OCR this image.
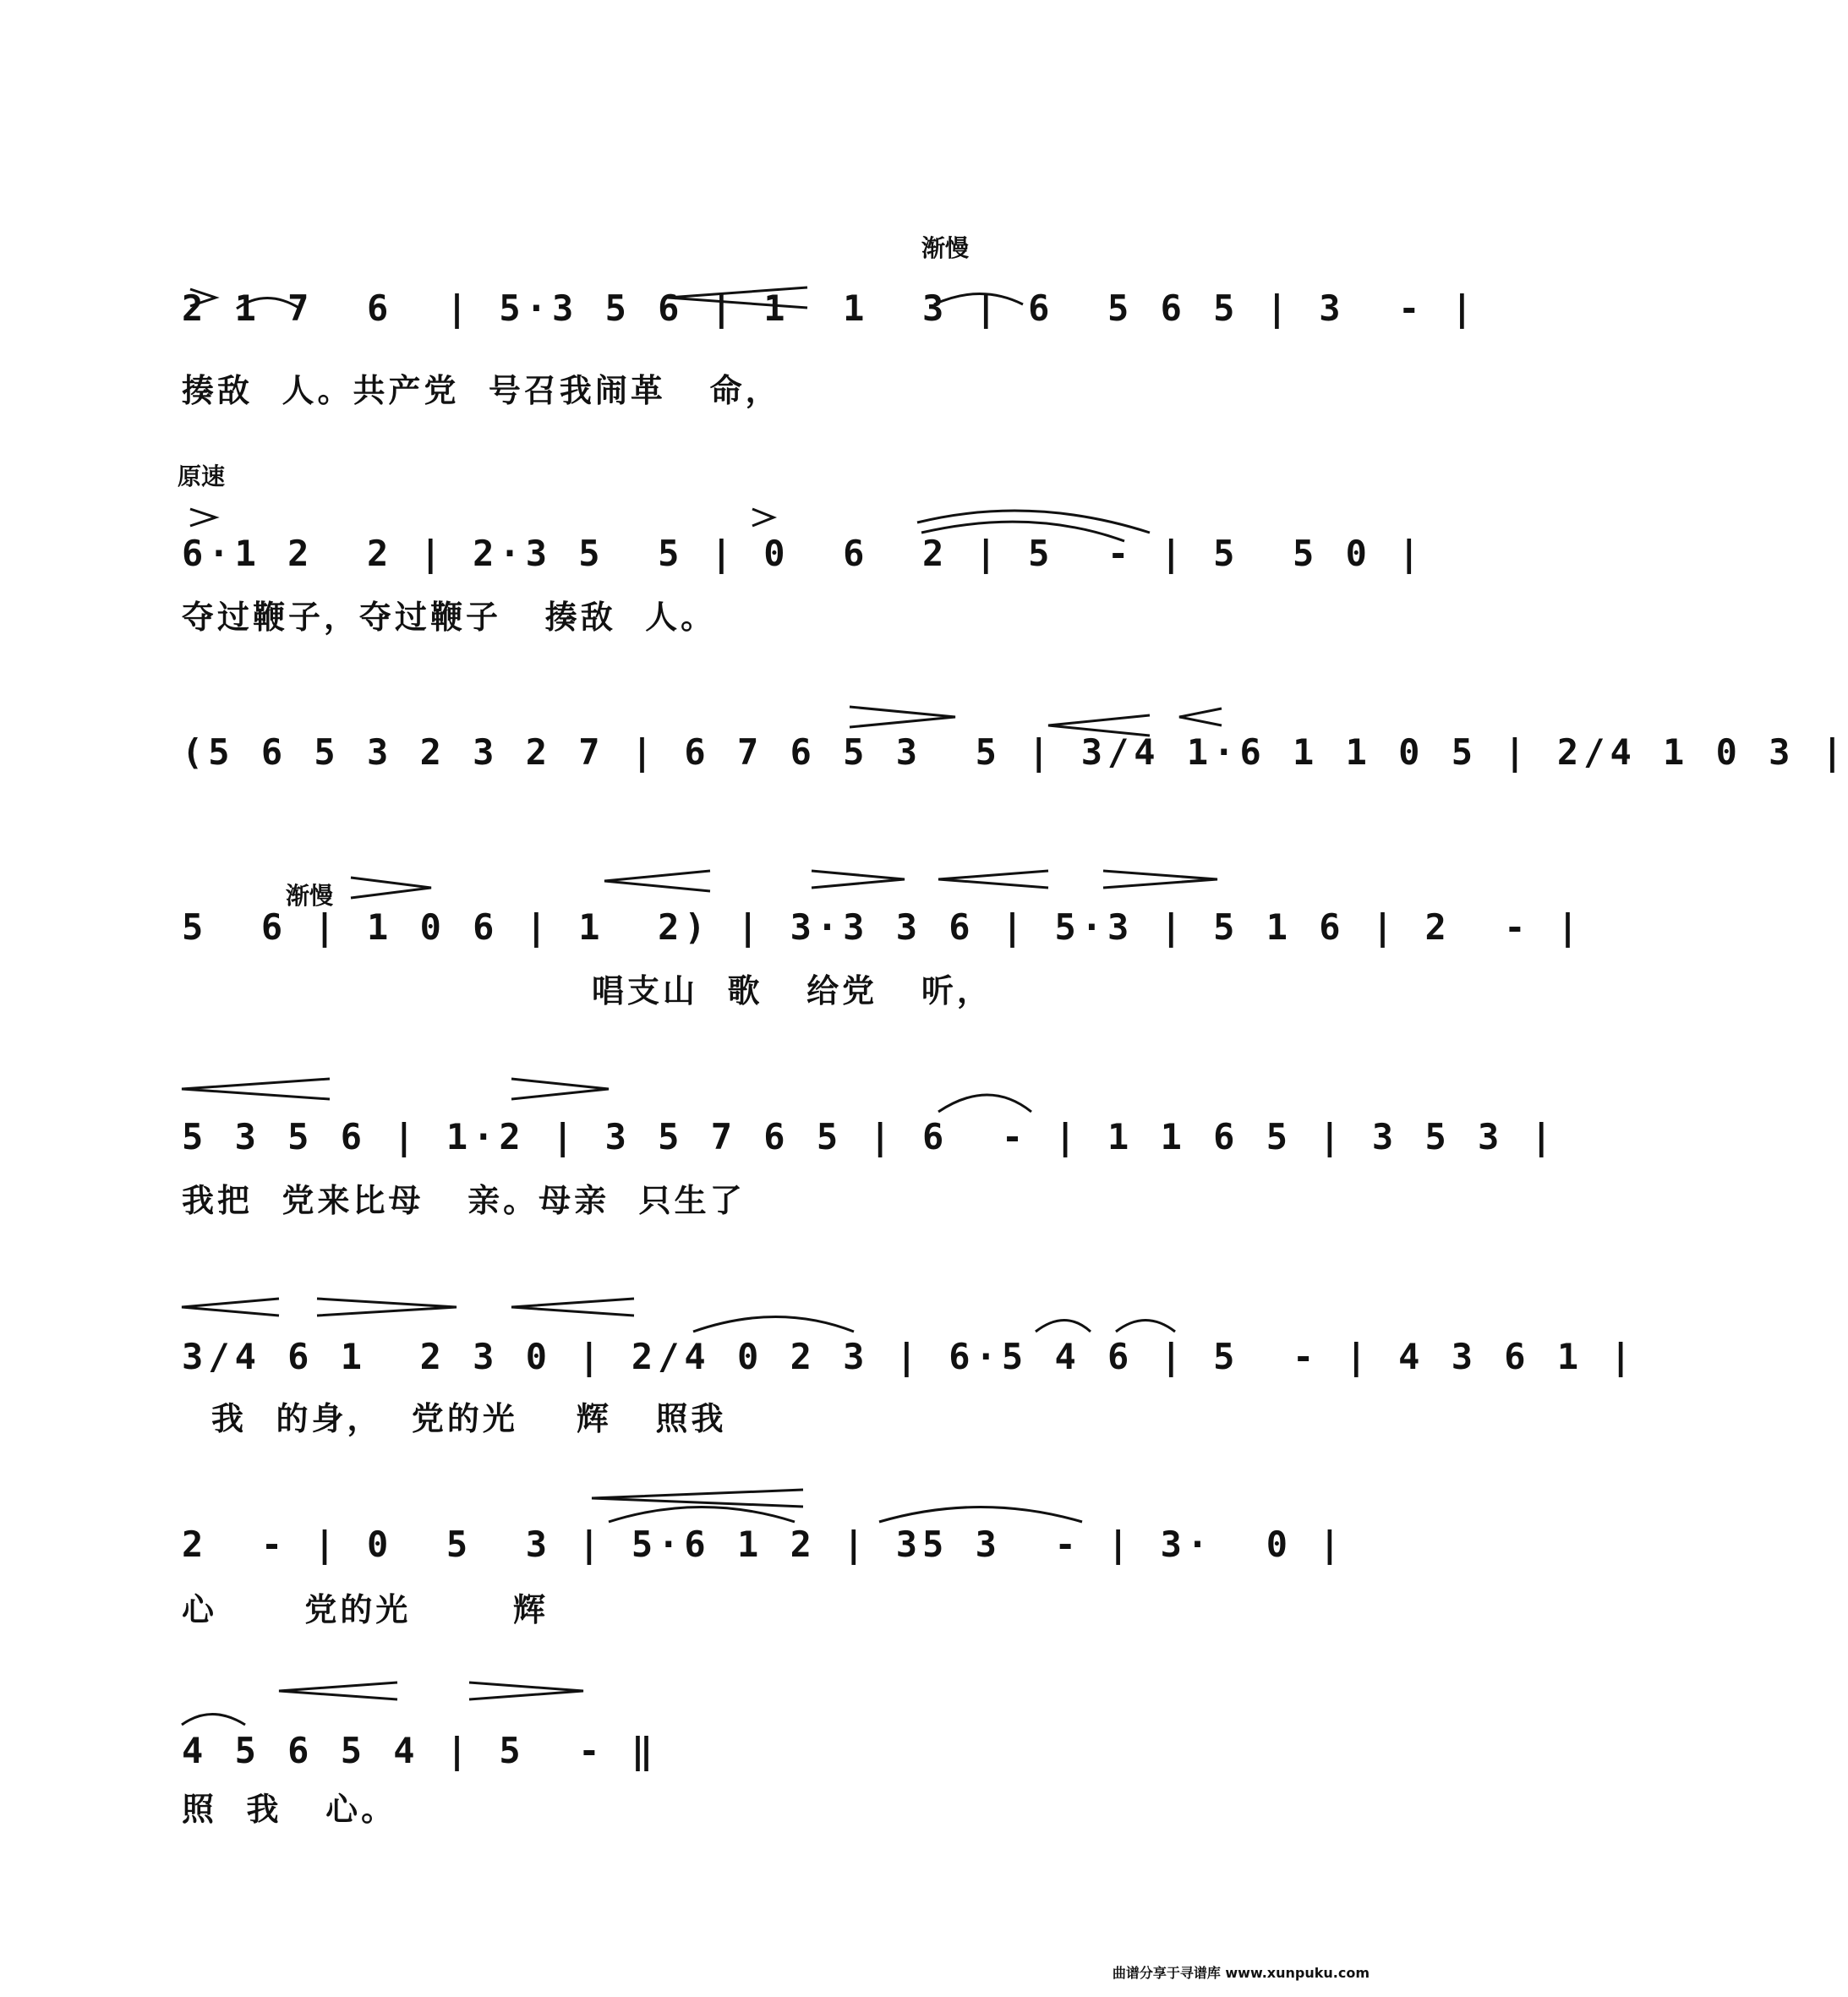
渐慢
2 1 7  6  | 5·3 5 6 | 1  1  3 | 6  5 6 5 | 3  - |
揍敌  人。共产党  号召我闹革   命，
原速
6·1 2  2 | 2·3 5  5 | 0  6  2 | 5  - | 5  5 0 |
夺过鞭子，夺过鞭子   揍敌  人。
(5 6 5 3 2 3 2 7 | 6 7 6 5 3  5 | 3/4 1·6 1 1 0 5 | 2/4 1 0 3 |
渐慢
5  6 | 1 0 6 | 1  2) | 3·3 3 6 | 5·3 | 5 1 6 | 2  - |
唱支山  歌   给党   听，
5 3 5 6 | 1·2 | 3 5 7 6 5 | 6  - | 1 1 6 5 | 3 5 3 |
我把  党来比母   亲。母亲  只生了
3/4 6 1  2 3 0 | 2/4 0 2 3 | 6·5 4 6 | 5  - | 4 3 6 1 |
我  的身，  党的光    辉   照我
2  - | 0  5  3 | 5·6 1 2 | 35 3  - | 3·  0 |
心      党的光       辉
4 5 6 5 4 | 5  - ‖
照  我   心。
曲谱分享于寻谱库 www.xunpuku.com
